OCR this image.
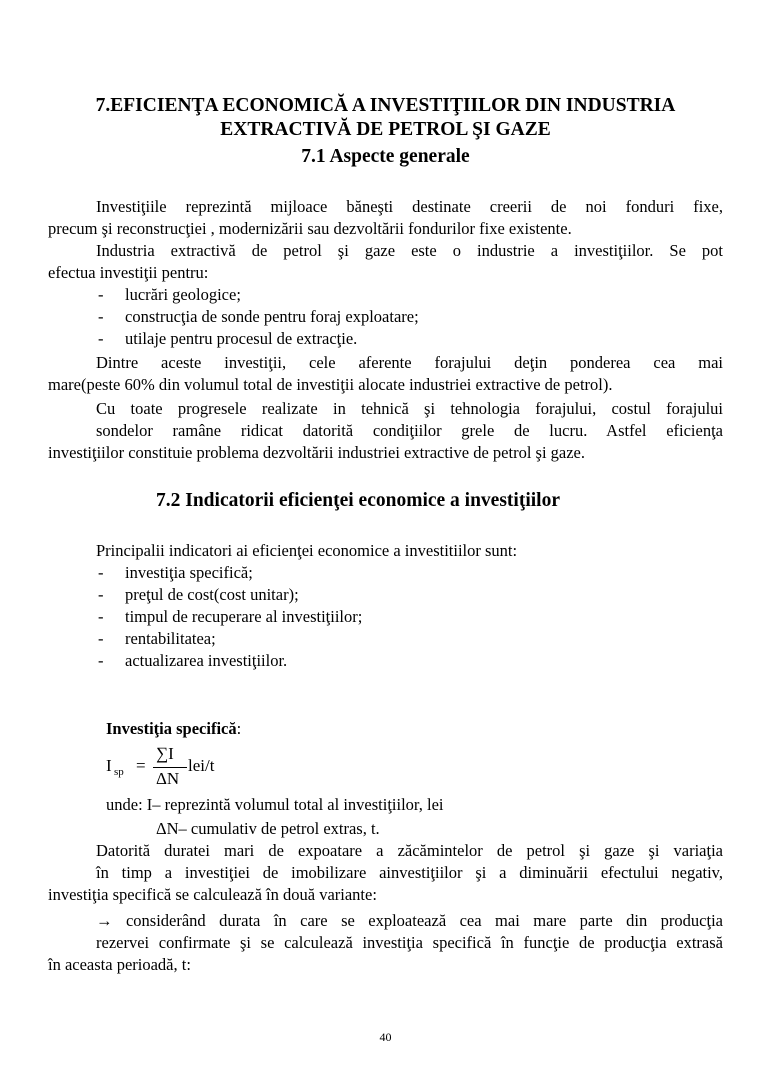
7.EFICIENŢA ECONOMICĂ A INVESTIŢIILOR DIN INDUSTRIA
EXTRACTIVĂ DE PETROL ŞI GAZE
7.1 Aspecte generale
Investiţiile reprezintă mijloace băneşti destinate creerii de noi fonduri fixe,
precum şi reconstrucţiei , modernizării sau dezvoltării fondurilor fixe existente.
Industria extractivă de petrol şi gaze este o industrie a investiţiilor. Se pot
efectua investiţii pentru:
- lucrări geologice;
- construcţia de sonde pentru foraj exploatare;
- utilaje pentru procesul de extracţie.
Dintre aceste investiţii, cele aferente forajului deţin ponderea cea mai
mare(peste 60% din volumul total de investiţii alocate industriei extractive de petrol).
Cu toate progresele realizate in tehnică şi tehnologia forajului, costul forajului
sondelor ramâne ridicat datorită condiţiilor grele de lucru. Astfel eficienţa
investiţiilor constituie problema dezvoltării industriei extractive de petrol şi gaze.
7.2 Indicatorii eficienţei economice a investiţiilor
Principalii indicatori ai eficienţei economice a investitiilor sunt:
- investiţia specifică;
- preţul de cost(cost unitar);
- timpul de recuperare al investiţiilor;
- rentabilitatea;
- actualizarea investiţiilor.
Investiţia specifică:
I sp =
∑I
ΔN
lei/t
unde: I– reprezintă volumul total al investiţiilor, lei
ΔN– cumulativ de petrol extras, t.
Datorită duratei mari de expoatare a zăcămintelor de petrol şi gaze şi variaţia
în timp a investiţiei de imobilizare ainvestiţiilor şi a diminuării efectului negativ,
investiţia specifică se calculează în două variante:
→ considerând durata în care se exploatează cea mai mare parte din producţia
rezervei confirmate şi se calculează investiţia specifică în funcţie de producţia extrasă
în aceasta perioadă, t:
40
